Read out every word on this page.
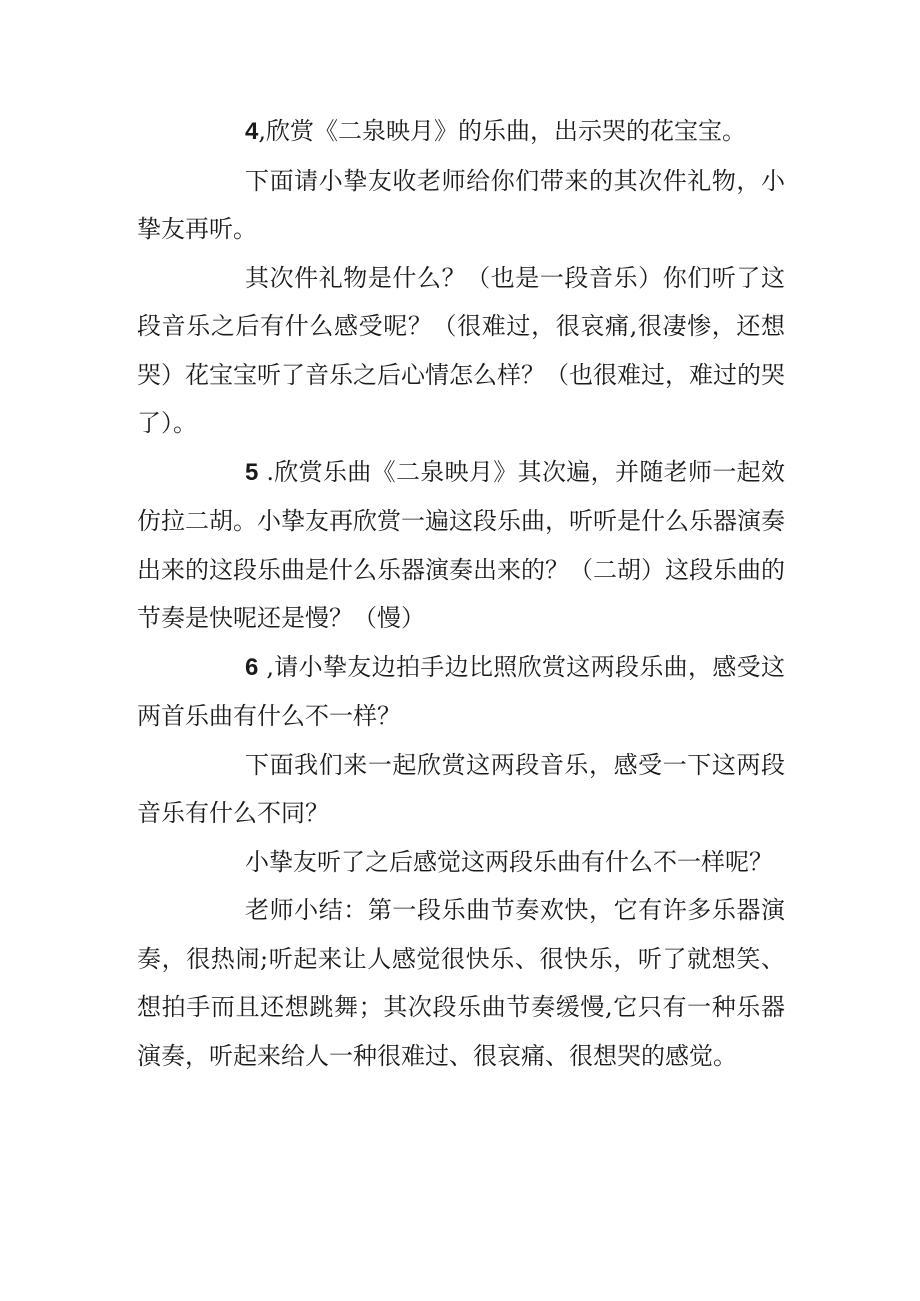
4,欣赏《二泉映月》的乐曲，出示哭的花宝宝。

下面请小挚友收老师给你们带来的其次件礼物，小挚友再听。

其次件礼物是什么？（也是一段音乐）你们听了这段音乐之后有什么感受呢？（很难过，很哀痛,很凄惨，还想哭）花宝宝听了音乐之后心情怎么样？（也很难过，难过的哭了）。

5 .欣赏乐曲《二泉映月》其次遍，并随老师一起效仿拉二胡。小挚友再欣赏一遍这段乐曲，听听是什么乐器演奏出来的这段乐曲是什么乐器演奏出来的？（二胡）这段乐曲的节奏是快呢还是慢？（慢）

6 ,请小挚友边拍手边比照欣赏这两段乐曲，感受这两首乐曲有什么不一样？

下面我们来一起欣赏这两段音乐，感受一下这两段音乐有什么不同？

小挚友听了之后感觉这两段乐曲有什么不一样呢？

老师小结：第一段乐曲节奏欢快，它有许多乐器演奏，很热闹;听起来让人感觉很快乐、很快乐，听了就想笑、想拍手而且还想跳舞；其次段乐曲节奏缓慢,它只有一种乐器演奏，听起来给人一种很难过、很哀痛、很想哭的感觉。
